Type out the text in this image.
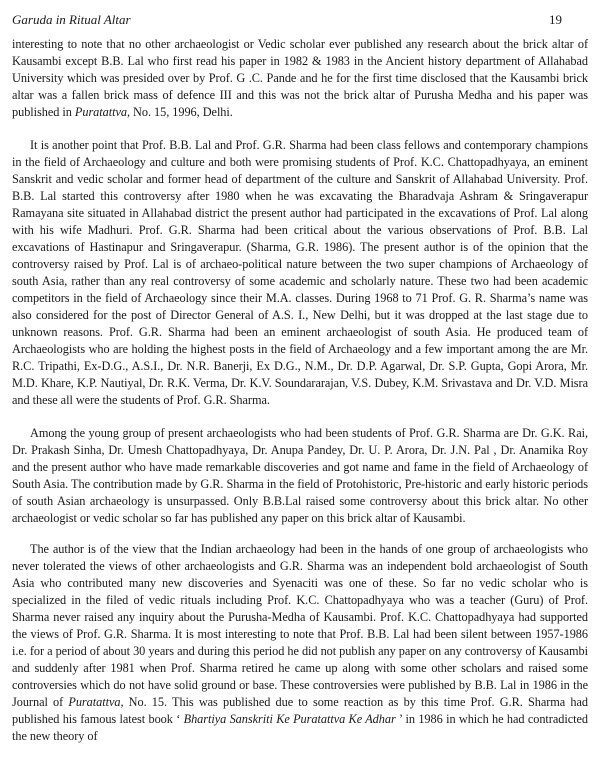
Garuda in Ritual Altar	19

interesting to note that no other archaeologist or Vedic scholar ever published any research about the brick altar of Kausambi except B.B. Lal who first read his paper in 1982 & 1983 in the Ancient history department of Allahabad University which was presided over by Prof. G .C. Pande and he for the first time disclosed that the Kausambi brick altar was a fallen brick mass of defence III and this was not the brick altar of Purusha Medha and his paper was published in Puratattva, No. 15, 1996, Delhi.

It is another point that Prof. B.B. Lal and Prof. G.R. Sharma had been class fellows and contemporary champions in the field of Archaeology and culture and both were promising students of Prof. K.C. Chattopadhyaya, an eminent Sanskrit and vedic scholar and former head of department of the culture and Sanskrit of Allahabad University. Prof. B.B. Lal started this controversy after 1980 when he was excavating the Bharadvaja Ashram & Sringaverapur Ramayana site situated in Allahabad district the present author had participated in the excavations of Prof. Lal along with his wife Madhuri. Prof. G.R. Sharma had been critical about the various observations of Prof. B.B. Lal excavations of Hastinapur and Sringaverapur. (Sharma, G.R. 1986). The present author is of the opinion that the controversy raised by Prof. Lal is of archaeo-political nature between the two super champions of Archaeology of south Asia, rather than any real controversy of some academic and scholarly nature. These two had been academic competitors in the field of Archaeology since their M.A. classes. During 1968 to 71 Prof. G. R. Sharma’s name was also considered for the post of Director General of A.S. I., New Delhi, but it was dropped at the last stage due to unknown reasons. Prof. G.R. Sharma had been an eminent archaeologist of south Asia. He produced team of Archaeologists who are holding the highest posts in the field of Archaeology and a few important among the are Mr. R.C. Tripathi, Ex-D.G., A.S.I., Dr. N.R. Banerji, Ex D.G., N.M., Dr. D.P. Agarwal, Dr. S.P. Gupta, Gopi Arora, Mr. M.D. Khare, K.P. Nautiyal, Dr. R.K. Verma, Dr. K.V. Soundararajan, V.S. Dubey, K.M. Srivastava and Dr. V.D. Misra and these all were the students of Prof. G.R. Sharma.

Among the young group of present archaeologists who had been students of Prof. G.R. Sharma are Dr. G.K. Rai, Dr. Prakash Sinha, Dr. Umesh Chattopadhyaya, Dr. Anupa Pandey, Dr. U. P. Arora, Dr. J.N. Pal , Dr. Anamika Roy and the present author who have made remarkable discoveries and got name and fame in the field of Archaeology of South Asia. The contribution made by G.R. Sharma in the field of Protohistoric, Pre-historic and early historic periods of south Asian archaeology is unsurpassed. Only B.B.Lal raised some controversy about this brick altar. No other archaeologist or vedic scholar so far has published any paper on this brick altar of Kausambi.

The author is of the view that the Indian archaeology had been in the hands of one group of archaeologists who never tolerated the views of other archaeologists and G.R. Sharma was an independent bold archaeologist of South Asia who contributed many new discoveries and Syenaciti was one of these. So far no vedic scholar who is specialized in the filed of vedic rituals including Prof. K.C. Chattopadhyaya who was a teacher (Guru) of Prof. Sharma never raised any inquiry about the Purusha-Medha of Kausambi. Prof. K.C. Chattopadhyaya had supported the views of Prof. G.R. Sharma. It is most interesting to note that Prof. B.B. Lal had been silent between 1957-1986 i.e. for a period of about 30 years and during this period he did not publish any paper on any controversy of Kausambi and suddenly after 1981 when Prof. Sharma retired he came up along with some other scholars and raised some controversies which do not have solid ground or base. These controversies were published by B.B. Lal in 1986 in the Journal of Puratattva, No. 15. This was published due to some reaction as by this time Prof. G.R. Sharma had published his famous latest book ‘ Bhartiya Sanskriti Ke Puratattva Ke Adhar ’ in 1986 in which he had contradicted the new theory of
